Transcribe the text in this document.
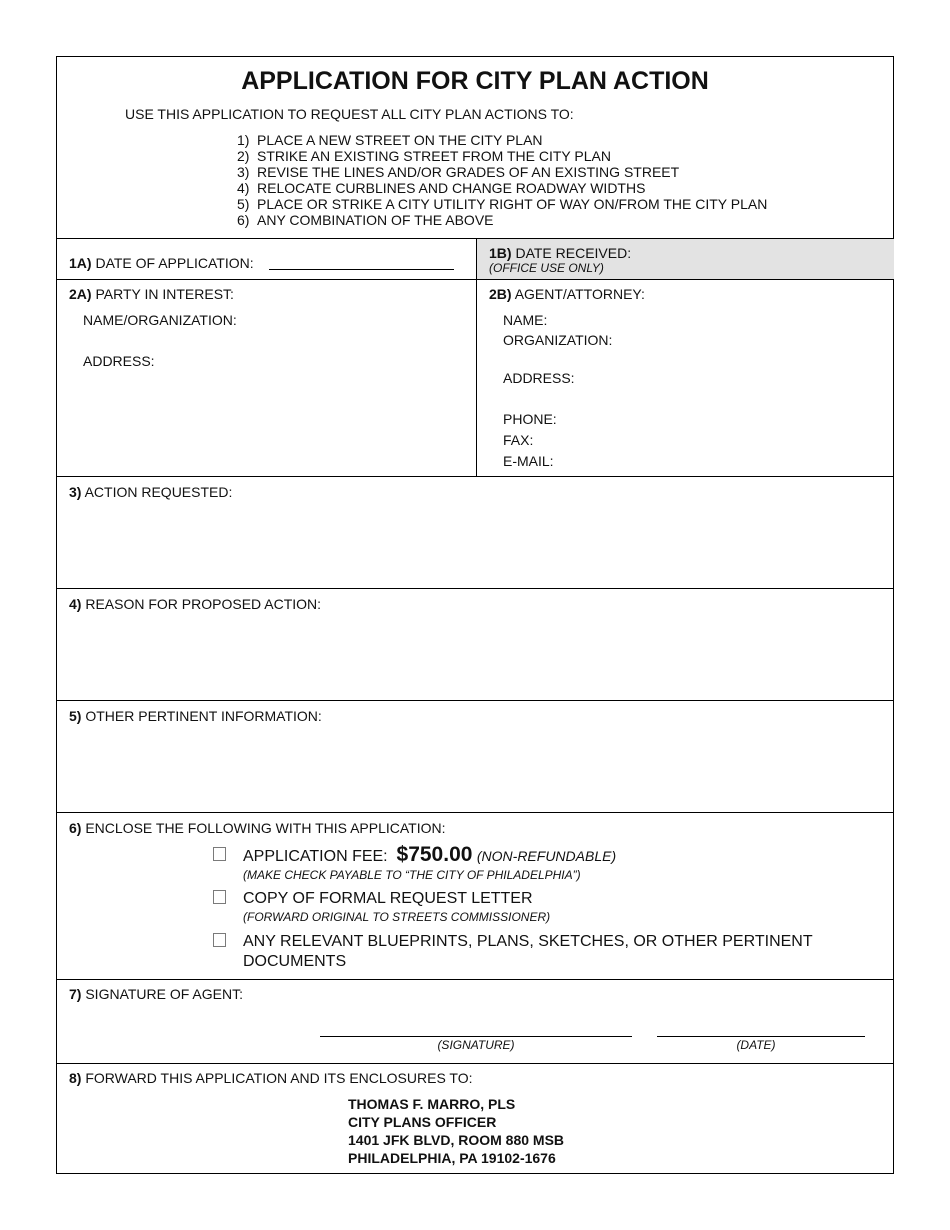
APPLICATION FOR CITY PLAN ACTION
USE THIS APPLICATION TO REQUEST ALL CITY PLAN ACTIONS TO:
1) PLACE A NEW STREET ON THE CITY PLAN
2) STRIKE AN EXISTING STREET FROM THE CITY PLAN
3) REVISE THE LINES AND/OR GRADES OF AN EXISTING STREET
4) RELOCATE CURBLINES AND CHANGE ROADWAY WIDTHS
5) PLACE OR STRIKE A CITY UTILITY RIGHT OF WAY ON/FROM THE CITY PLAN
6) ANY COMBINATION OF THE ABOVE
1A) DATE OF APPLICATION:
1B) DATE RECEIVED:
(OFFICE USE ONLY)
2A) PARTY IN INTEREST:
NAME/ORGANIZATION:
ADDRESS:
2B) AGENT/ATTORNEY:
NAME:
ORGANIZATION:
ADDRESS:
PHONE:
FAX:
E-MAIL:
3) ACTION REQUESTED:
4) REASON FOR PROPOSED ACTION:
5) OTHER PERTINENT INFORMATION:
6) ENCLOSE THE FOLLOWING WITH THIS APPLICATION:
APPLICATION FEE: $750.00 (NON-REFUNDABLE)
(MAKE CHECK PAYABLE TO “THE CITY OF PHILADELPHIA”)
COPY OF FORMAL REQUEST LETTER
(FORWARD ORIGINAL TO STREETS COMMISSIONER)
ANY RELEVANT BLUEPRINTS, PLANS, SKETCHES, OR OTHER PERTINENT
DOCUMENTS
7) SIGNATURE OF AGENT:
(SIGNATURE)	(DATE)
8) FORWARD THIS APPLICATION AND ITS ENCLOSURES TO:
THOMAS F. MARRO, PLS
CITY PLANS OFFICER
1401 JFK BLVD, ROOM 880 MSB
PHILADELPHIA, PA 19102-1676
